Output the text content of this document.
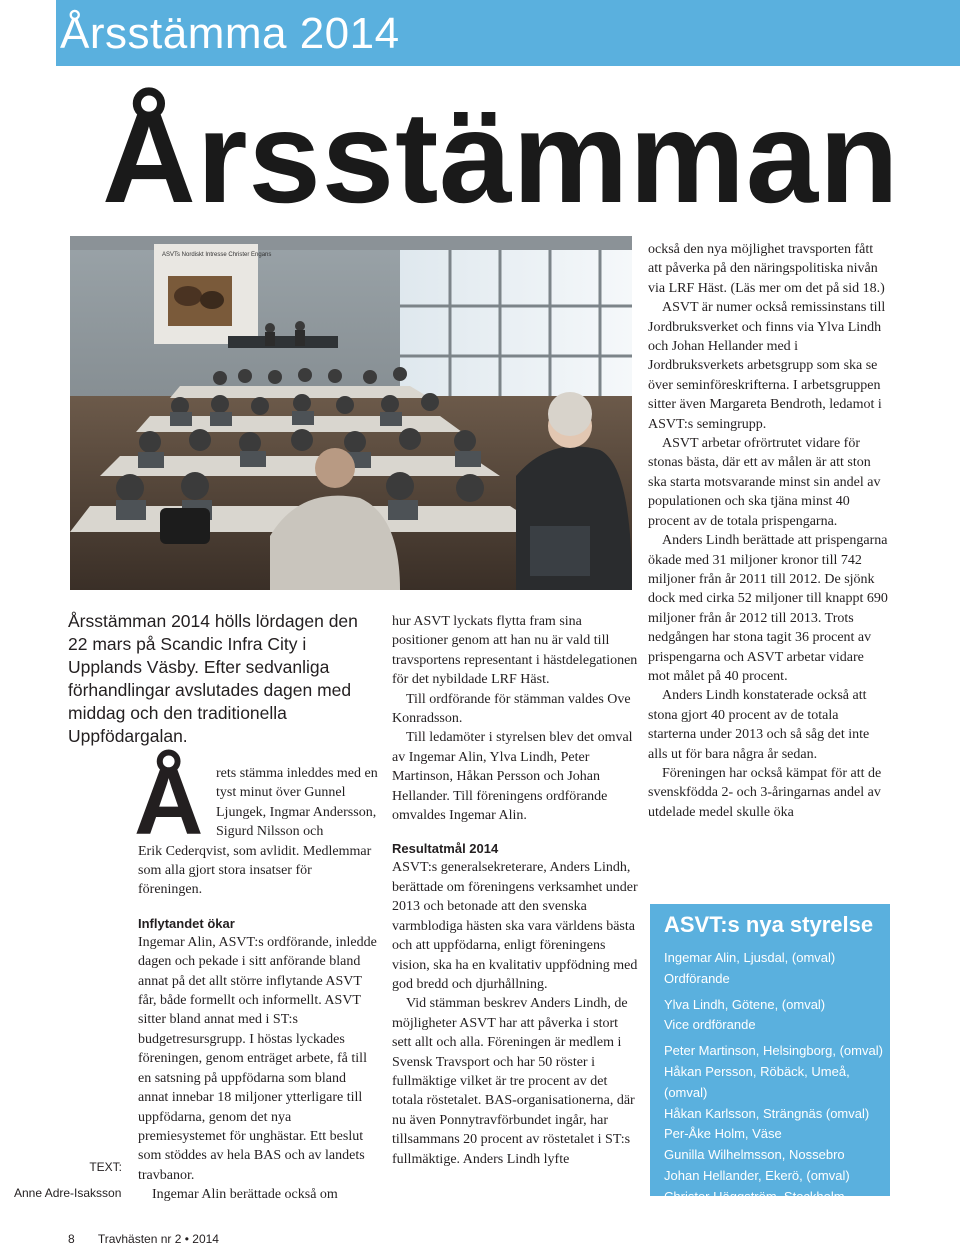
Årsstämma 2014
Årsstämman
ASVTs Nordiskt Intresse Christer Engans
Årsstämman 2014 hölls lördagen den 22 mars på Scandic Infra City i Upplands Väsby. Efter sedvanliga förhandlingar avslutades dagen med middag och den traditionella Uppfödargalan.
TEXT:
Anne Adre-Isaksson
Å rets stämma inleddes med en tyst minut över Gunnel Ljungek, Ingmar Andersson, Sigurd Nilsson och

Erik Cederqvist, som avlidit. Medlemmar som alla gjort stora insatser för föreningen.

Inflytandet ökar

Ingemar Alin, ASVT:s ordförande, inledde dagen och pekade i sitt anförande bland annat på det allt större inflytande ASVT får, både formellt och informellt. ASVT sitter bland annat med i ST:s budgetresursgrupp. I höstas lyckades föreningen, genom enträget arbete, få till en satsning på uppfödarna som bland annat innebar 18 miljoner ytterligare till uppfödarna, genom det nya premiesystemet för unghästar. Ett beslut som stöddes av hela BAS och av landets travbanor.

Ingemar Alin berättade också om

hur ASVT lyckats flytta fram sina positioner genom att han nu är vald till travsportens representant i hästdelegationen för det nybildade LRF Häst.

Till ordförande för stämman valdes Ove Konradsson.

Till ledamöter i styrelsen blev det omval av Ingemar Alin, Ylva Lindh, Peter Martinson, Håkan Persson och Johan Hellander. Till föreningens ordförande omvaldes Ingemar Alin.

Resultatmål 2014

ASVT:s generalsekreterare, Anders Lindh, berättade om föreningens verksamhet under 2013 och betonade att den svenska varmblodiga hästen ska vara världens bästa och att uppfödarna, enligt föreningens vision, ska ha en kvalitativ uppfödning med god bredd och djurhållning.

Vid stämman beskrev Anders Lindh, de möjligheter ASVT har att påverka i stort sett allt och alla. Föreningen är medlem i Svensk Travsport och har 50 röster i fullmäktige vilket är tre procent av det totala röstetalet. BAS-organisationerna, där nu även Ponnytravförbundet ingår, har tillsammans 20 procent av röstetalet i ST:s fullmäktige. Anders Lindh lyfte

också den nya möjlighet travsporten fått att påverka på den näringspolitiska nivån via LRF Häst. (Läs mer om det på sid 18.)

ASVT är numer också remissinstans till Jordbruksverket och finns via Ylva Lindh och Johan Hellander med i Jordbruksverkets arbetsgrupp som ska se över seminföreskrifterna. I arbetsgruppen sitter även Margareta Bendroth, ledamot i ASVT:s semingrupp.

ASVT arbetar ofrörtrutet vidare för stonas bästa, där ett av målen är att ston ska starta motsvarande minst sin andel av populationen och ska tjäna minst 40 procent av de totala prispengarna.

Anders Lindh berättade att prispengarna ökade med 31 miljoner kronor till 742 miljoner från år 2011 till 2012. De sjönk dock med cirka 52 miljoner till knappt 690 miljoner från år 2012 till 2013. Trots nedgången har stona tagit 36 procent av prispengarna och ASVT arbetar vidare mot målet på 40 procent.

Anders Lindh konstaterade också att stona gjort 40 procent av de totala starterna under 2013 och så såg det inte alls ut för bara några år sedan.

Föreningen har också kämpat för att de svenskfödda 2- och 3-åringarnas andel av utdelade medel skulle öka

ASVT:s nya styrelse
Ingemar Alin, Ljusdal, (omval)
Ordförande
Ylva Lindh, Götene, (omval)
Vice ordförande
Peter Martinson, Helsingborg, (omval)
Håkan Persson, Röbäck, Umeå, (omval)
Håkan Karlsson, Strängnäs (omval)
Per-Åke Holm, Väse
Gunilla Wilhelmsson, Nossebro
Johan Hellander, Ekerö, (omval)
Christer Häggström, Stockholm
8 Travhästen nr 2 • 2014
